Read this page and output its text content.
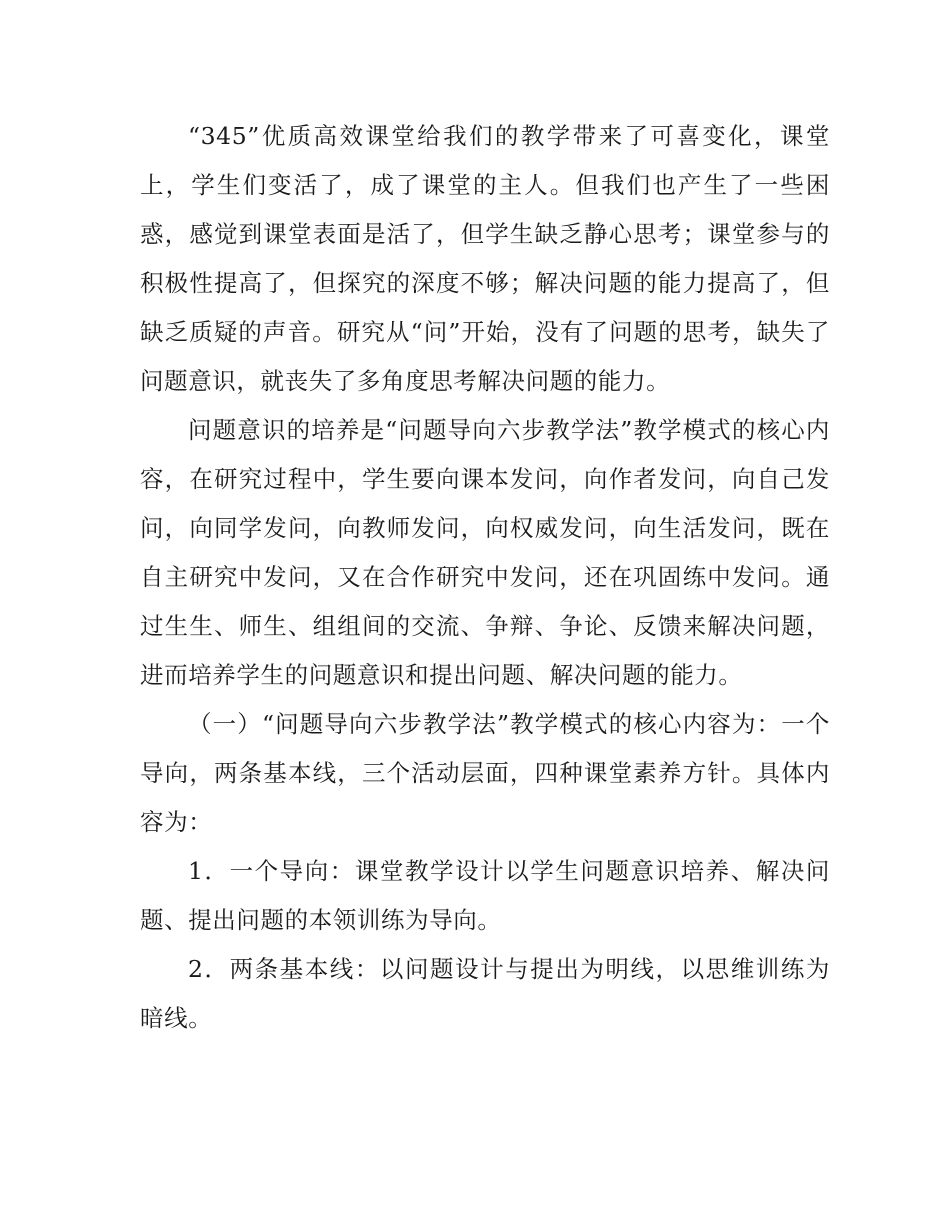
“345”优质高效课堂给我们的教学带来了可喜变化，课堂上，学生们变活了，成了课堂的主人。但我们也产生了一些困惑，感觉到课堂表面是活了，但学生缺乏静心思考；课堂参与的积极性提高了，但探究的深度不够；解决问题的能力提高了，但缺乏质疑的声音。研究从“问”开始，没有了问题的思考，缺失了问题意识，就丧失了多角度思考解决问题的能力。

问题意识的培养是“问题导向六步教学法”教学模式的核心内容，在研究过程中，学生要向课本发问，向作者发问，向自己发问，向同学发问，向教师发问，向权威发问，向生活发问，既在自主研究中发问，又在合作研究中发问，还在巩固练中发问。通过生生、师生、组组间的交流、争辩、争论、反馈来解决问题，进而培养学生的问题意识和提出问题、解决问题的能力。

（一）“问题导向六步教学法”教学模式的核心内容为：一个导向，两条基本线，三个活动层面，四种课堂素养方针。具体内容为：

1．一个导向：课堂教学设计以学生问题意识培养、解决问题、提出问题的本领训练为导向。

2．两条基本线：以问题设计与提出为明线，以思维训练为暗线。
